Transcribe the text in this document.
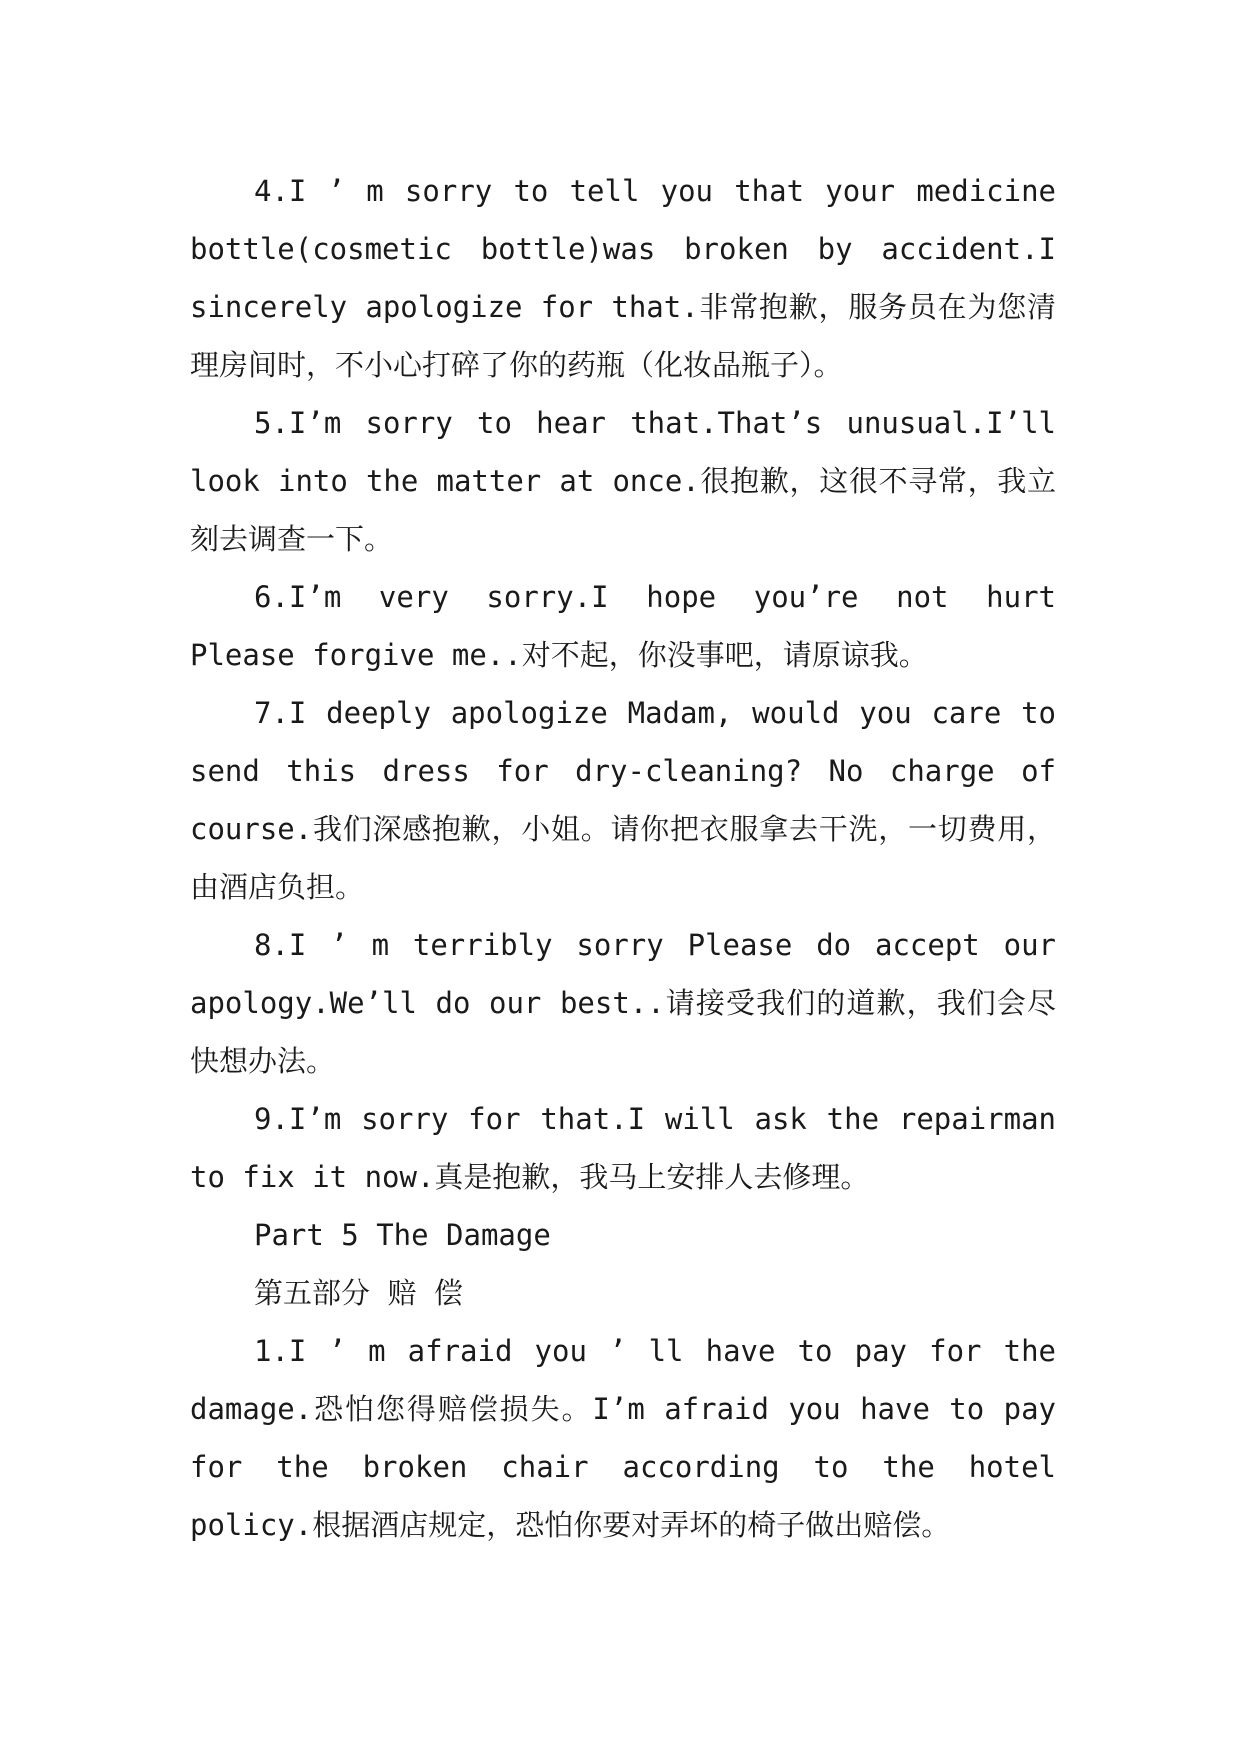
4.I ’ m sorry to tell you that your medicine bottle(cosmetic bottle)was broken by accident.I sincerely apologize for that.非常抱歉，服务员在为您清理房间时，不小心打碎了你的药瓶（化妆品瓶子）。

5.I’m sorry to hear that.That’s unusual.I’ll look into the matter at once.很抱歉，这很不寻常，我立刻去调查一下。

6.I’m very sorry.I hope you’re not hurt Please forgive me..对不起，你没事吧，请原谅我。

7.I deeply apologize Madam, would you care to send this dress for dry-cleaning? No charge of course.我们深感抱歉，小姐。请你把衣服拿去干洗，一切费用，由酒店负担。

8.I ’ m terribly sorry Please do accept our apology.We’ll do our best..请接受我们的道歉，我们会尽快想办法。

9.I’m sorry for that.I will ask the repairman to fix it now.真是抱歉，我马上安排人去修理。

Part 5 The Damage

第五部分 赔 偿

1.I ’ m afraid you ’ ll have to pay for the damage.恐怕您得赔偿损失。I’m afraid you have to pay for the broken chair according to the hotel policy.根据酒店规定，恐怕你要对弄坏的椅子做出赔偿。
